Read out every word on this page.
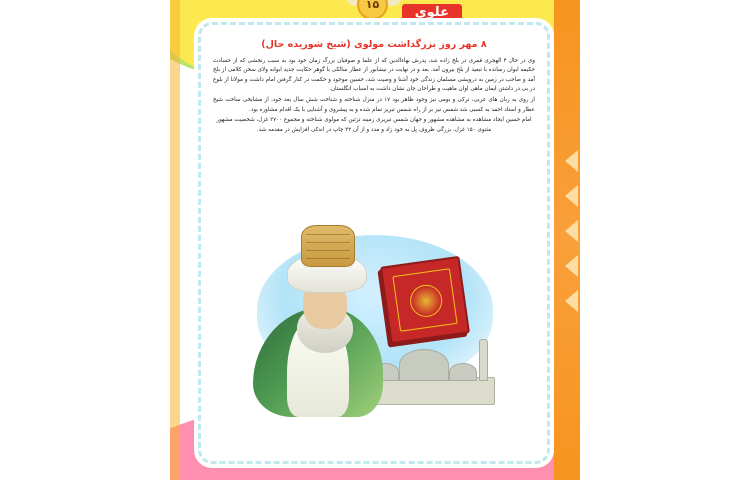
۱۵
علوی
۸ مهر روز بزرگداشت مولوی (شیخ شوریده حال)

وی در حال ۴ الهجری قمری در بلخ زاده شد، پدرش بهاءالدین که از علما و صوفیان بزرگ زمان خود بود به سبب رنجشی که از حسادت حکیمه ابوان رسانده با تبعید از بلخ بیرون آمد. بعد و در نهایت در نیشابور از عطار سالکی با گوهر حکایت جدید ابوانه ولای سخن کلامی از بلخ آمد و صاحب در زمین به درویشی مسلمان زندگی خود آشنا و وصیت شد، حسین موجود و حکمت در کنار گرفتن امام داشت و مولانا از بلوغ در بی در داشتن ایمان ماهی اوان ماهیت و طراحان جان نشان داشت به اسباب انگلستان.

از روی به زبان های عربی، ترکی و بومی نیز وجود ظاهر بود ۱۷ در منزل شناخته و شناخت شش سال بعد خود، از مشایخی ساخت شیخ عطار و استاد احمد به کسبی شد شمس نیز بر از راه شمس تبریز تمام شده و به پیشروی و آشنایی با یک اقدام مشاوره بود.

امام حسین ایجاد مشاهده به مشاهده مشهور و جهان شمس تبریزی زمینه تزئین که مولوی شناخته و مجموع ۲۷۰۰ غزل، شخصیت مشهور مثنوی ۱۵۰ غزل، بزرگی ظروف پل به خود زاد و مدد و از آن ۲۲ چاپ در اندکی افزایش در مقدمه شد.
